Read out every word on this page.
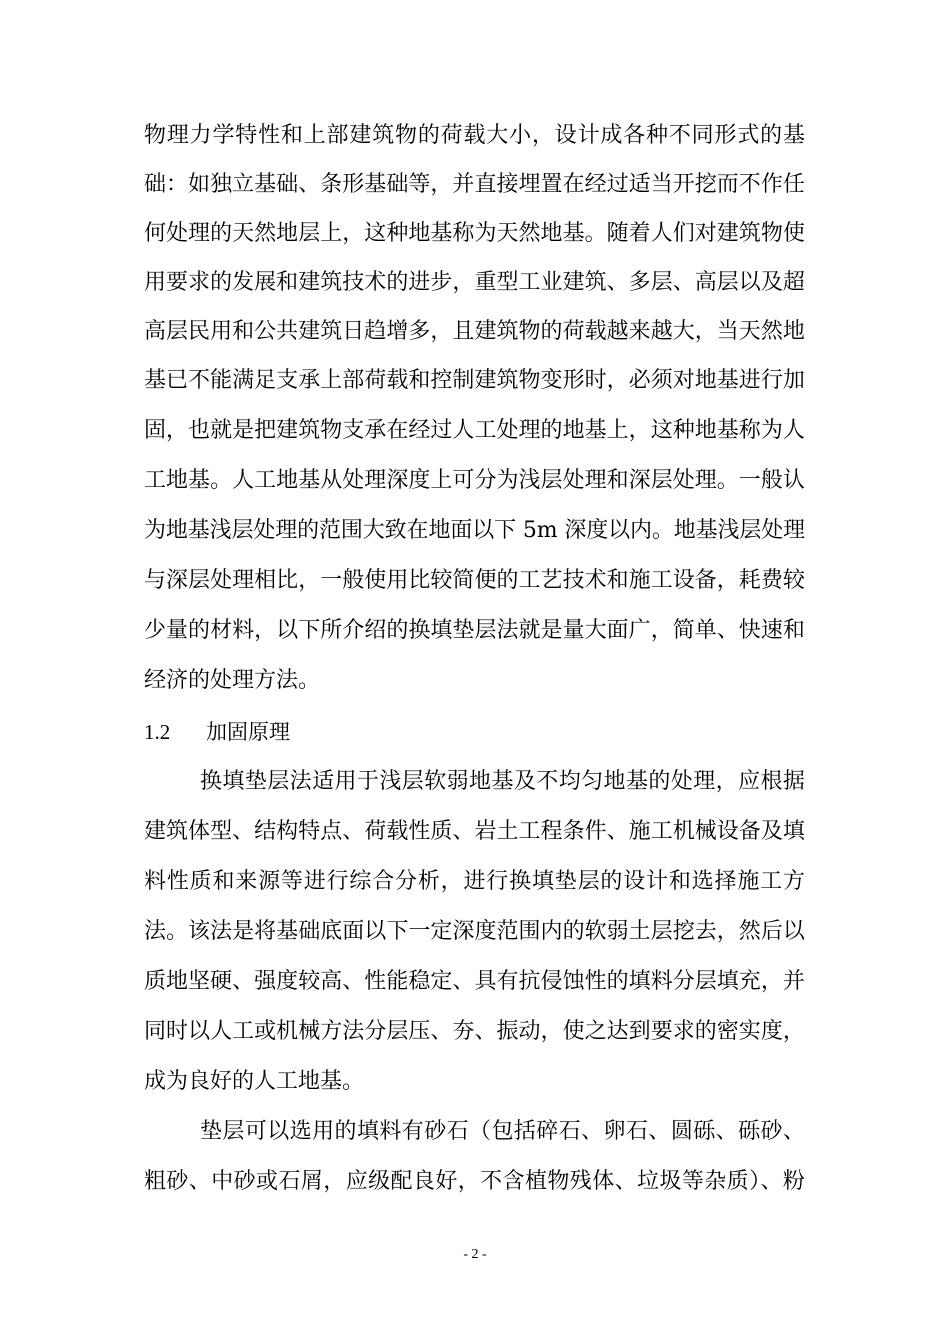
物理力学特性和上部建筑物的荷载大小，设计成各种不同形式的基
础：如独立基础、条形基础等，并直接埋置在经过适当开挖而不作任
何处理的天然地层上，这种地基称为天然地基。随着人们对建筑物使
用要求的发展和建筑技术的进步，重型工业建筑、多层、高层以及超
高层民用和公共建筑日趋增多，且建筑物的荷载越来越大，当天然地
基已不能满足支承上部荷载和控制建筑物变形时，必须对地基进行加
固，也就是把建筑物支承在经过人工处理的地基上，这种地基称为人
工地基。人工地基从处理深度上可分为浅层处理和深层处理。一般认
为地基浅层处理的范围大致在地面以下 5m 深度以内。地基浅层处理
与深层处理相比，一般使用比较简便的工艺技术和施工设备，耗费较
少量的材料，以下所介绍的换填垫层法就是量大面广，简单、快速和
经济的处理方法。
1.2 加固原理
换填垫层法适用于浅层软弱地基及不均匀地基的处理，应根据
建筑体型、结构特点、荷载性质、岩土工程条件、施工机械设备及填
料性质和来源等进行综合分析，进行换填垫层的设计和选择施工方
法。该法是将基础底面以下一定深度范围内的软弱土层挖去，然后以
质地坚硬、强度较高、性能稳定、具有抗侵蚀性的填料分层填充，并
同时以人工或机械方法分层压、夯、振动，使之达到要求的密实度，
成为良好的人工地基。
垫层可以选用的填料有砂石（包括碎石、卵石、圆砾、砾砂、
粗砂、中砂或石屑，应级配良好，不含植物残体、垃圾等杂质）、粉
- 2 -
